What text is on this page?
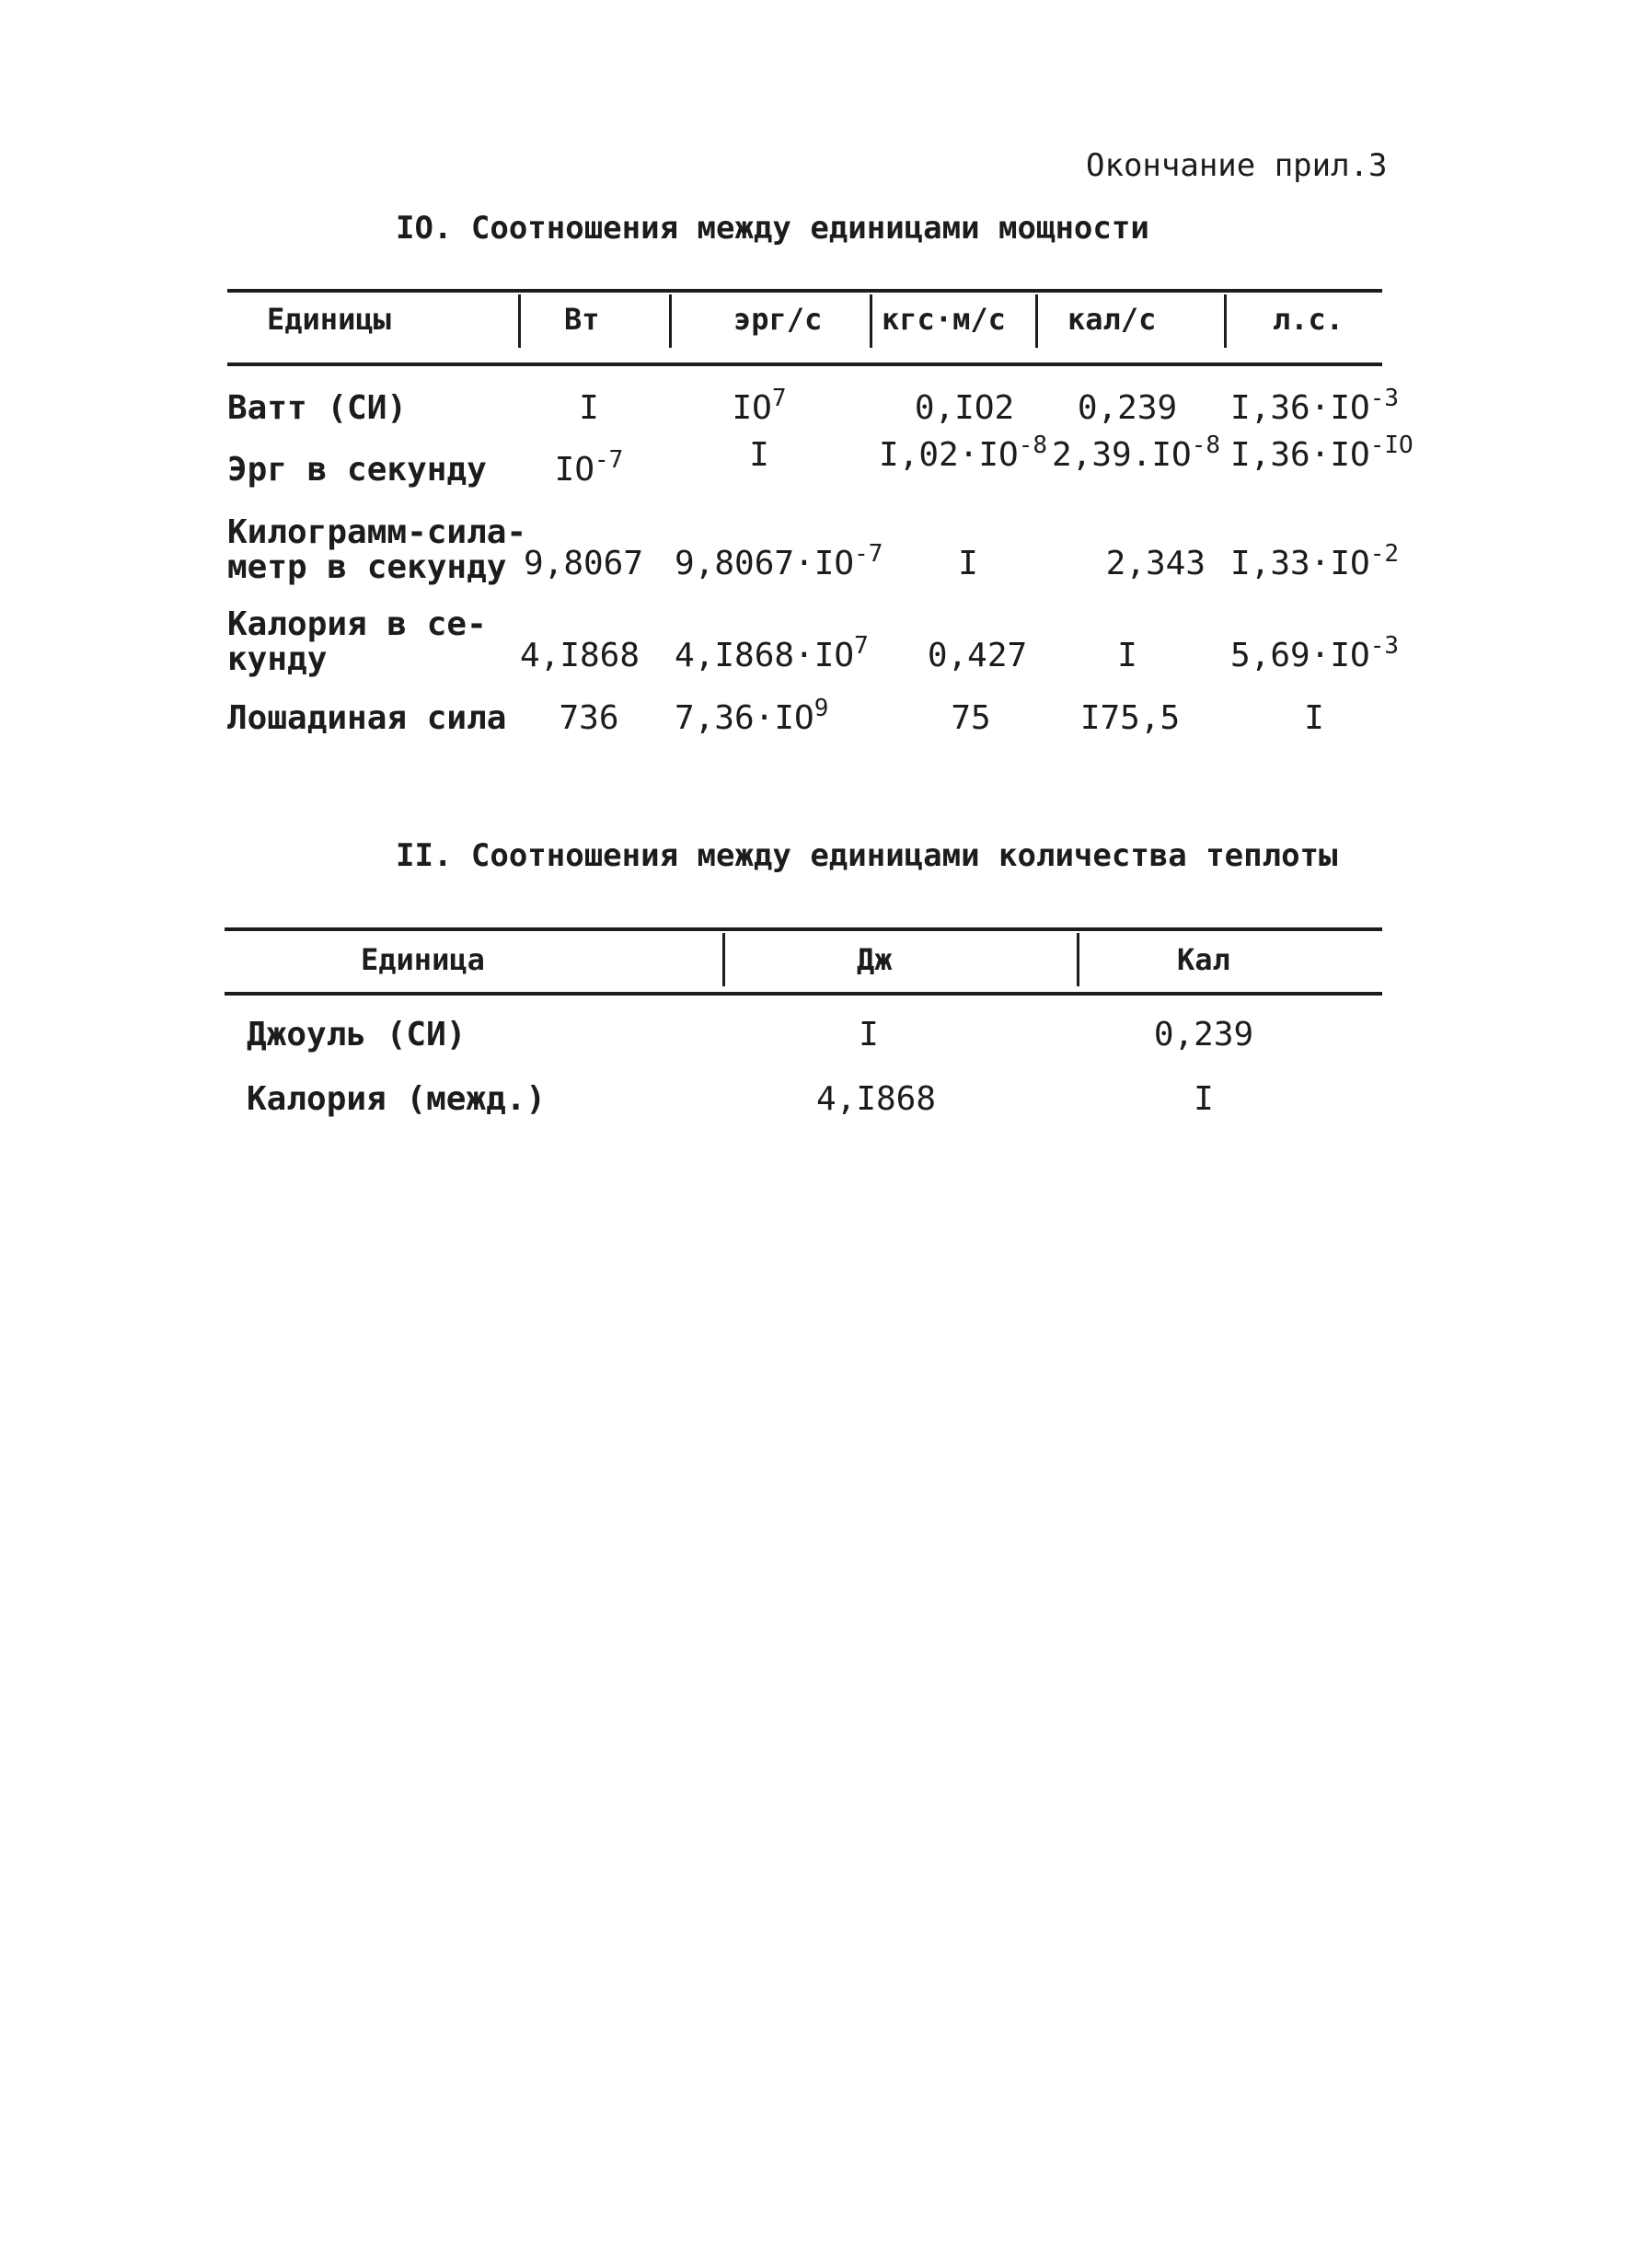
Окончание прил.3
IO. Соотношения между единицами мощности
Единицы	Вт	эрг/с кгс·м/с кал/с	л.с.
Ватт (СИ)	I	$IO^7$	0,IO2 0,239 $I,36\cdot IO^{-3}$
Эрг в секунду $IO^{-7}$	I	$I,02\cdot IO^{-8}$ $2,39.IO^{-8}$ $I,36\cdot IO^{-IO}$
Килограмм-сила-
метр в секунду 9,8067 $9,8067\cdot IO^{-7}$ I	2,343 $I,33\cdot IO^{-2}$
Калория в се-
кунду	4,I868 $4,I868\cdot IO^7$ 0,427	I	$5,69\cdot IO^{-3}$
Лошадиная сила 736 $7,36\cdot IO^9$	75	I75,5	I
II. Соотношения между единицами количества теплоты
Единица	Дж	Кал
Джоуль (СИ)	I	0,239
Калория (межд.)	4,I868	I
